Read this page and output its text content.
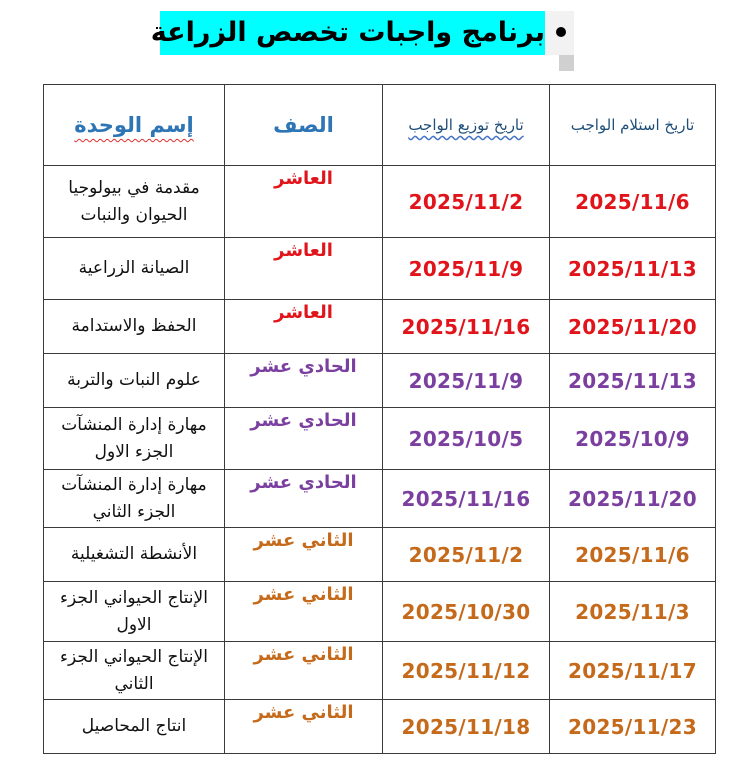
برنامج واجبات تخصص الزراعة
تاريخ استلام الواجب	تاريخ توزيع الواجب	الصف	إسم الوحدة
2025/11/6	2025/11/2	العاشر	مقدمة في بيولوجيا الحيوان والنبات
2025/11/13	2025/11/9	العاشر	الصيانة الزراعية
2025/11/20	2025/11/16	العاشر	الحفظ والاستدامة
2025/11/13	2025/11/9	الحادي عشر	علوم النبات والتربة
2025/10/9	2025/10/5	الحادي عشر	مهارة إدارة المنشآت الجزء الاول
2025/11/20	2025/11/16	الحادي عشر	مهارة إدارة المنشآت الجزء الثاني
2025/11/6	2025/11/2	الثاني عشر	الأنشطة التشغيلية
2025/11/3	2025/10/30	الثاني عشر	الإنتاج الحيواني الجزء الاول
2025/11/17	2025/11/12	الثاني عشر	الإنتاج الحيواني الجزء الثاني
2025/11/23	2025/11/18	الثاني عشر	انتاج المحاصيل
